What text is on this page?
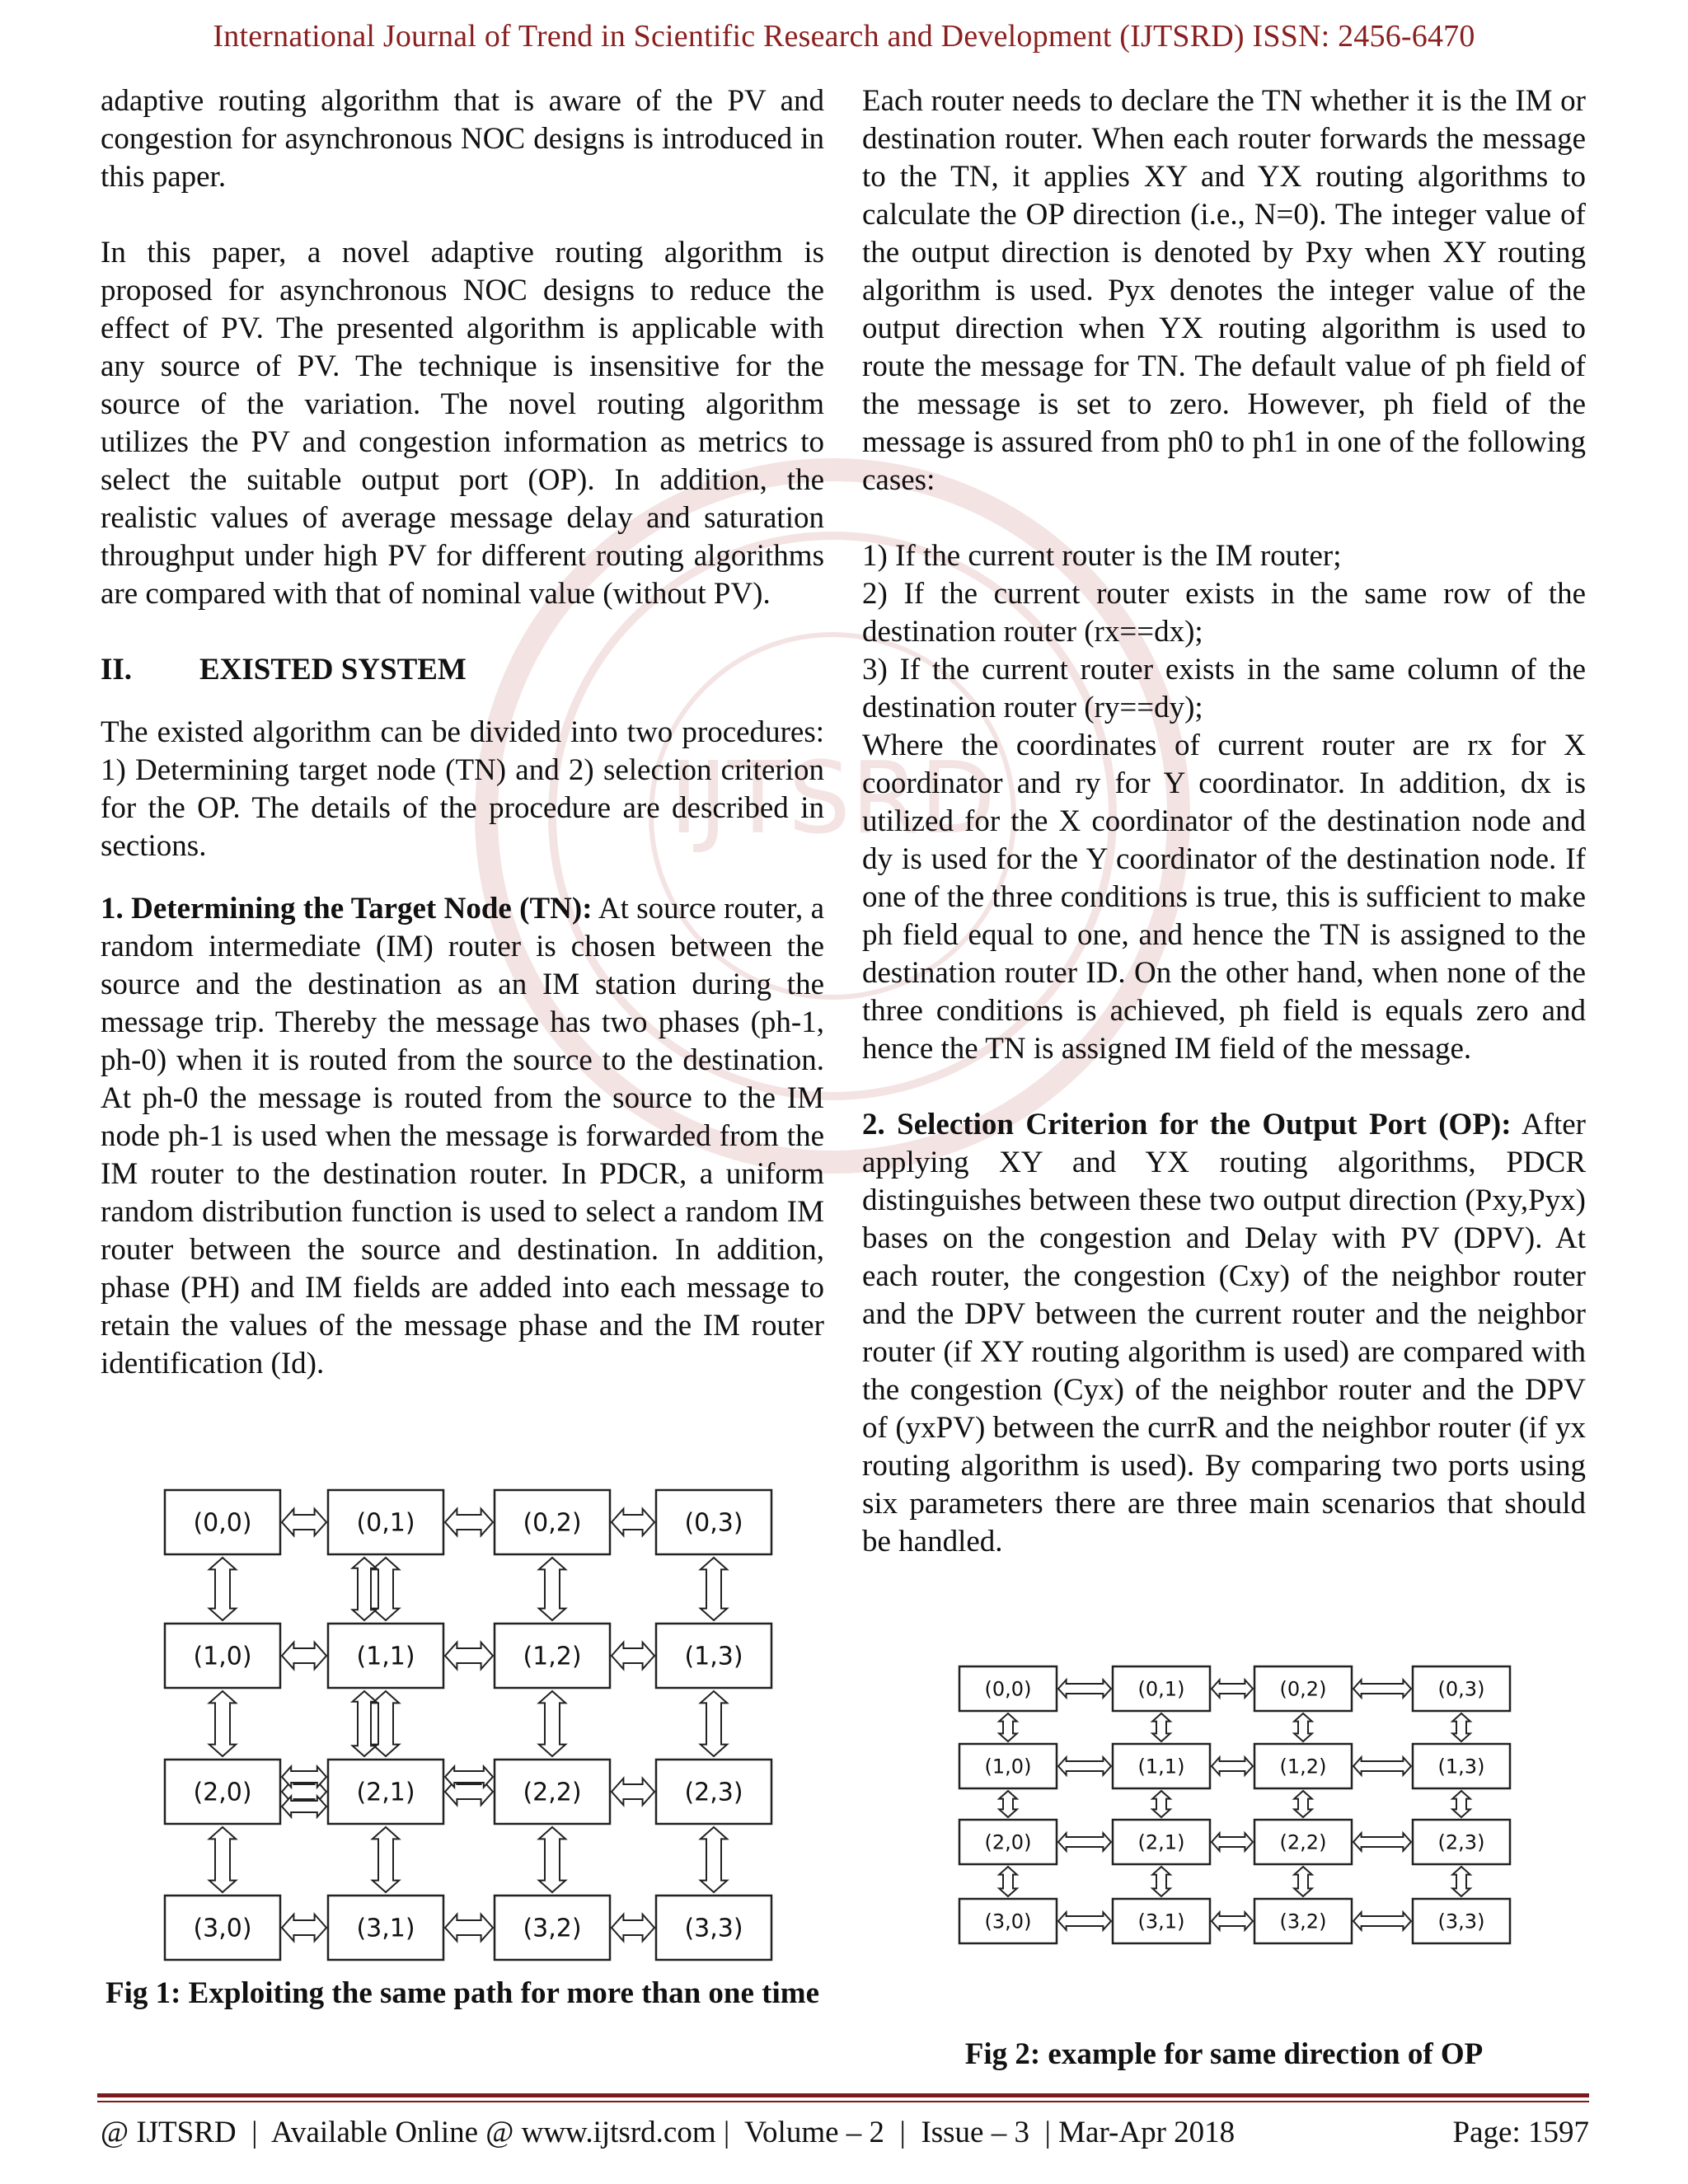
International Journal of Trend in Scientific Research and Development (IJTSRD) ISSN: 2456-6470
IJTSRD

adaptive routing algorithm that is aware of the PV and congestion for asynchronous NOC designs is introduced in this paper.

In this paper, a novel adaptive routing algorithm is proposed for asynchronous NOC designs to reduce the effect of PV. The presented algorithm is applicable with any source of PV. The technique is insensitive for the source of the variation. The novel routing algorithm utilizes the PV and congestion information as metrics to select the suitable output port (OP). In addition, the realistic values of average message delay and saturation throughput under high PV for different routing algorithms are compared with that of nominal value (without PV).

II. EXISTED SYSTEM

The existed algorithm can be divided into two procedures: 1) Determining target node (TN) and 2) selection criterion for the OP. The details of the procedure are described in sections.

1. Determining the Target Node (TN): At source router, a random intermediate (IM) router is chosen between the source and the destination as an IM station during the message trip. Thereby the message has two phases (ph-1, ph-0) when it is routed from the source to the destination. At ph-0 the message is routed from the source to the IM node ph-1 is used when the message is forwarded from the IM router to the destination router. In PDCR, a uniform random distribution function is used to select a random IM router between the source and destination. In addition, phase (PH) and IM fields are added into each message to retain the values of the message phase and the IM router identification (Id).

(0,0)	(0,1)	(0,2)	(0,3)
(1,0)	(1,1)	(1,2)	(1,3)
(2,0)	(2,1)	(2,2)	(2,3)
(3,0)	(3,1)	(3,2)	(3,3)
Fig 1: Exploiting the same path for more than one time

Each router needs to declare the TN whether it is the IM or destination router. When each router forwards the message to the TN, it applies XY and YX routing algorithms to calculate the OP direction (i.e., N=0). The integer value of the output direction is denoted by Pxy when XY routing algorithm is used. Pyx denotes the integer value of the output direction when YX routing algorithm is used to route the message for TN. The default value of ph field of the message is set to zero. However, ph field of the message is assured from ph0 to ph1 in one of the following cases:

1) If the current router is the IM router;

2) If the current router exists in the same row of the destination router (rx==dx);

3) If the current router exists in the same column of the destination router (ry==dy);

Where the coordinates of current router are rx for X coordinator and ry for Y coordinator. In addition, dx is utilized for the X coordinator of the destination node and dy is used for the Y coordinator of the destination node. If one of the three conditions is true, this is sufficient to make ph field equal to one, and hence the TN is assigned to the destination router ID. On the other hand, when none of the three conditions is achieved, ph field is equals zero and hence the TN is assigned IM field of the message.

2. Selection Criterion for the Output Port (OP): After applying XY and YX routing algorithms, PDCR distinguishes between these two output direction (Pxy,Pyx) bases on the congestion and Delay with PV (DPV). At each router, the congestion (Cxy) of the neighbor router and the DPV between the current router and the neighbor router (if XY routing algorithm is used) are compared with the congestion (Cyx) of the neighbor router and the DPV of (yxPV) between the currR and the neighbor router (if yx routing algorithm is used). By comparing two ports using six parameters there are three main scenarios that should be handled.

(0,0)	(0,1)	(0,2)	(0,3)
(1,0)	(1,1)	(1,2)	(1,3)
(2,0)	(2,1)	(2,2)	(2,3)
(3,0)	(3,1)	(3,2)	(3,3)
Fig 2: example for same direction of OP
@ IJTSRD  |  Available Online @ www.ijtsrd.com |  Volume – 2  |  Issue – 3  | Mar-Apr 2018	Page: 1597
